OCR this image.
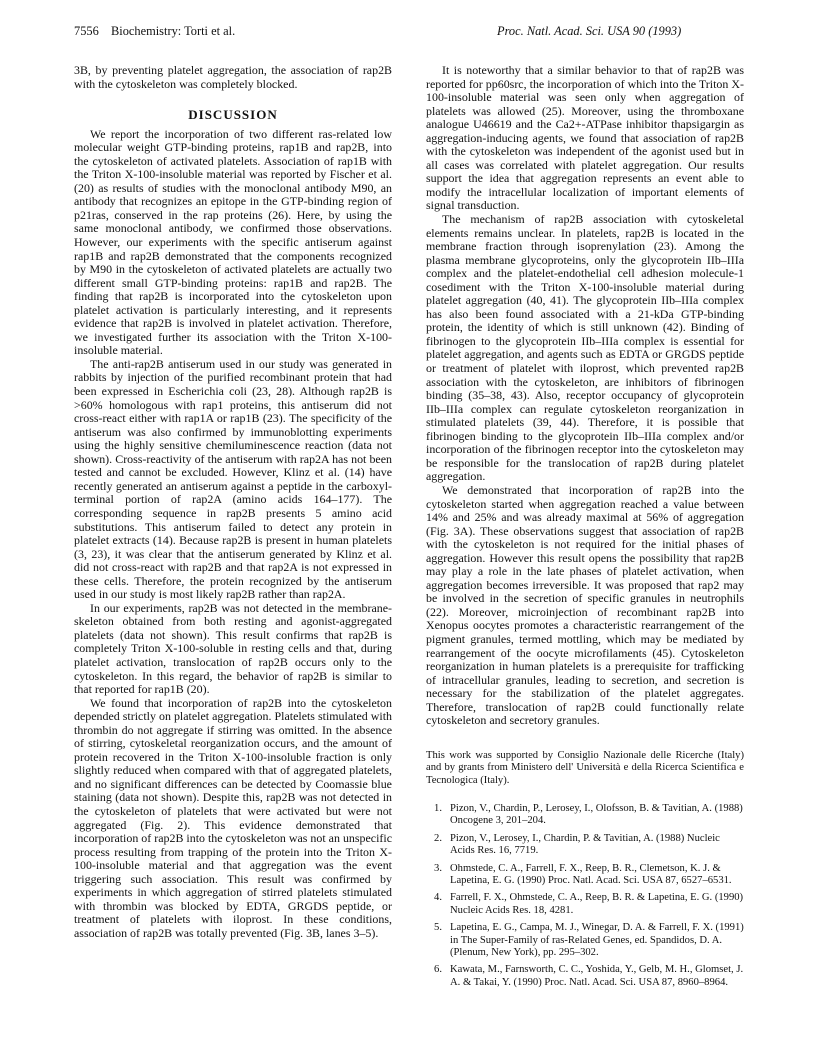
7556 Biochemistry: Torti et al.	Proc. Natl. Acad. Sci. USA 90 (1993)

3B, by preventing platelet aggregation, the association of rap2B with the cytoskeleton was completely blocked.

DISCUSSION

We report the incorporation of two different ras-related low molecular weight GTP-binding proteins, rap1B and rap2B, into the cytoskeleton of activated platelets. Association of rap1B with the Triton X-100-insoluble material was reported by Fischer et al. (20) as results of studies with the monoclonal antibody M90, an antibody that recognizes an epitope in the GTP-binding region of p21ras, conserved in the rap proteins (26). Here, by using the same monoclonal antibody, we confirmed those observations. However, our experiments with the specific antiserum against rap1B and rap2B demonstrated that the components recognized by M90 in the cytoskeleton of activated platelets are actually two different small GTP-binding proteins: rap1B and rap2B. The finding that rap2B is incorporated into the cytoskeleton upon platelet activation is particularly interesting, and it represents evidence that rap2B is involved in platelet activation. Therefore, we investigated further its association with the Triton X-100-insoluble material.

The anti-rap2B antiserum used in our study was generated in rabbits by injection of the purified recombinant protein that had been expressed in Escherichia coli (23, 28). Although rap2B is >60% homologous with rap1 proteins, this antiserum did not cross-react either with rap1A or rap1B (23). The specificity of the antiserum was also confirmed by immunoblotting experiments using the highly sensitive chemiluminescence reaction (data not shown). Cross-reactivity of the antiserum with rap2A has not been tested and cannot be excluded. However, Klinz et al. (14) have recently generated an antiserum against a peptide in the carboxyl-terminal portion of rap2A (amino acids 164–177). The corresponding sequence in rap2B presents 5 amino acid substitutions. This antiserum failed to detect any protein in platelet extracts (14). Because rap2B is present in human platelets (3, 23), it was clear that the antiserum generated by Klinz et al. did not cross-react with rap2B and that rap2A is not expressed in these cells. Therefore, the protein recognized by the antiserum used in our study is most likely rap2B rather than rap2A.

In our experiments, rap2B was not detected in the membrane-skeleton obtained from both resting and agonist-aggregated platelets (data not shown). This result confirms that rap2B is completely Triton X-100-soluble in resting cells and that, during platelet activation, translocation of rap2B occurs only to the cytoskeleton. In this regard, the behavior of rap2B is similar to that reported for rap1B (20).

We found that incorporation of rap2B into the cytoskeleton depended strictly on platelet aggregation. Platelets stimulated with thrombin do not aggregate if stirring was omitted. In the absence of stirring, cytoskeletal reorganization occurs, and the amount of protein recovered in the Triton X-100-insoluble fraction is only slightly reduced when compared with that of aggregated platelets, and no significant differences can be detected by Coomassie blue staining (data not shown). Despite this, rap2B was not detected in the cytoskeleton of platelets that were activated but were not aggregated (Fig. 2). This evidence demonstrated that incorporation of rap2B into the cytoskeleton was not an unspecific process resulting from trapping of the protein into the Triton X-100-insoluble material and that aggregation was the event triggering such association. This result was confirmed by experiments in which aggregation of stirred platelets stimulated with thrombin was blocked by EDTA, GRGDS peptide, or treatment of platelets with iloprost. In these conditions, association of rap2B was totally prevented (Fig. 3B, lanes 3–5).

It is noteworthy that a similar behavior to that of rap2B was reported for pp60src, the incorporation of which into the Triton X-100-insoluble material was seen only when aggregation of platelets was allowed (25). Moreover, using the thromboxane analogue U46619 and the Ca2+-ATPase inhibitor thapsigargin as aggregation-inducing agents, we found that association of rap2B with the cytoskeleton was independent of the agonist used but in all cases was correlated with platelet aggregation. Our results support the idea that aggregation represents an event able to modify the intracellular localization of important elements of signal transduction.

The mechanism of rap2B association with cytoskeletal elements remains unclear. In platelets, rap2B is located in the membrane fraction through isoprenylation (23). Among the plasma membrane glycoproteins, only the glycoprotein IIb–IIIa complex and the platelet-endothelial cell adhesion molecule-1 cosediment with the Triton X-100-insoluble material during platelet aggregation (40, 41). The glycoprotein IIb–IIIa complex has also been found associated with a 21-kDa GTP-binding protein, the identity of which is still unknown (42). Binding of fibrinogen to the glycoprotein IIb–IIIa complex is essential for platelet aggregation, and agents such as EDTA or GRGDS peptide or treatment of platelet with iloprost, which prevented rap2B association with the cytoskeleton, are inhibitors of fibrinogen binding (35–38, 43). Also, receptor occupancy of glycoprotein IIb–IIIa complex can regulate cytoskeleton reorganization in stimulated platelets (39, 44). Therefore, it is possible that fibrinogen binding to the glycoprotein IIb–IIIa complex and/or incorporation of the fibrinogen receptor into the cytoskeleton may be responsible for the translocation of rap2B during platelet aggregation.

We demonstrated that incorporation of rap2B into the cytoskeleton started when aggregation reached a value between 14% and 25% and was already maximal at 56% of aggregation (Fig. 3A). These observations suggest that association of rap2B with the cytoskeleton is not required for the initial phases of aggregation. However this result opens the possibility that rap2B may play a role in the late phases of platelet activation, when aggregation becomes irreversible. It was proposed that rap2 may be involved in the secretion of specific granules in neutrophils (22). Moreover, microinjection of recombinant rap2B into Xenopus oocytes promotes a characteristic rearrangement of the pigment granules, termed mottling, which may be mediated by rearrangement of the oocyte microfilaments (45). Cytoskeleton reorganization in human platelets is a prerequisite for trafficking of intracellular granules, leading to secretion, and secretion is necessary for the stabilization of the platelet aggregates. Therefore, translocation of rap2B could functionally relate cytoskeleton and secretory granules.

This work was supported by Consiglio Nazionale delle Ricerche (Italy) and by grants from Ministero dell' Università e della Ricerca Scientifica e Tecnologica (Italy).

1. Pizon, V., Chardin, P., Lerosey, I., Olofsson, B. & Tavitian, A. (1988) Oncogene 3, 201–204.
2. Pizon, V., Lerosey, I., Chardin, P. & Tavitian, A. (1988) Nucleic Acids Res. 16, 7719.
3. Ohmstede, C. A., Farrell, F. X., Reep, B. R., Clemetson, K. J. & Lapetina, E. G. (1990) Proc. Natl. Acad. Sci. USA 87, 6527–6531.
4. Farrell, F. X., Ohmstede, C. A., Reep, B. R. & Lapetina, E. G. (1990) Nucleic Acids Res. 18, 4281.
5. Lapetina, E. G., Campa, M. J., Winegar, D. A. & Farrell, F. X. (1991) in The Super-Family of ras-Related Genes, ed. Spandidos, D. A. (Plenum, New York), pp. 295–302.
6. Kawata, M., Farnsworth, C. C., Yoshida, Y., Gelb, M. H., Glomset, J. A. & Takai, Y. (1990) Proc. Natl. Acad. Sci. USA 87, 8960–8964.
